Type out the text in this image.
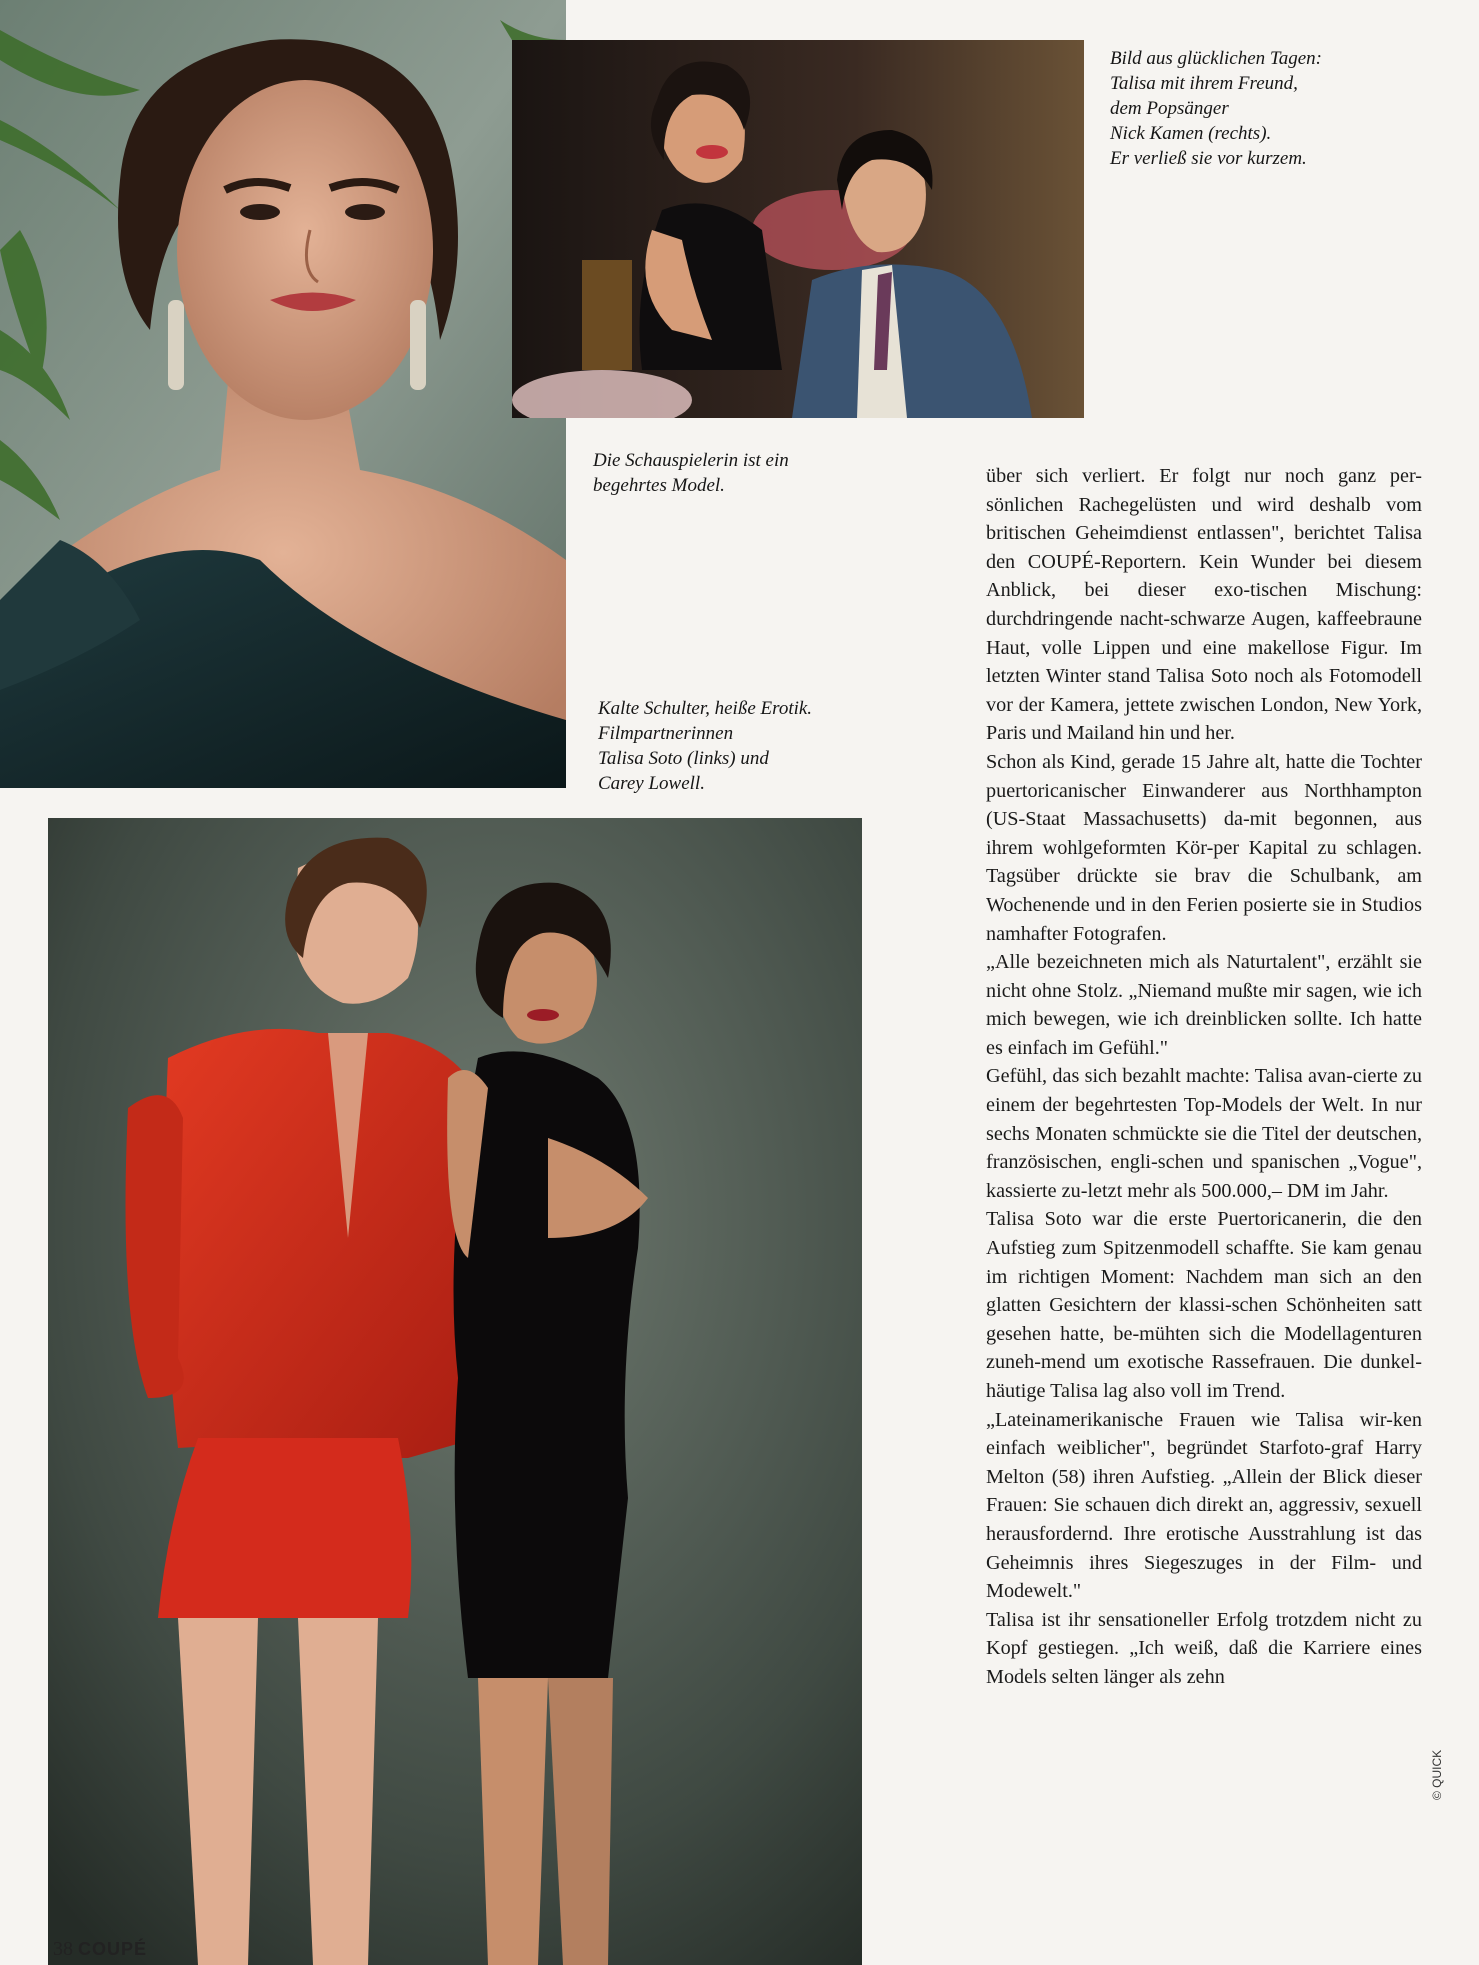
Bild aus glücklichen Tagen:
Talisa mit ihrem Freund,
dem Popsänger
Nick Kamen (rechts).
Er verließ sie vor kurzem.
Die Schauspielerin ist ein
begehrtes Model.
Kalte Schulter, heiße Erotik.
Filmpartnerinnen
Talisa Soto (links) und
Carey Lowell.

über sich verliert. Er folgt nur noch ganz per-sönlichen Rachegelüsten und wird deshalb vom britischen Geheimdienst entlassen", berichtet Talisa den COUPÉ-Reportern. Kein Wunder bei diesem Anblick, bei dieser exo-tischen Mischung: durchdringende nacht-schwarze Augen, kaffeebraune Haut, volle Lippen und eine makellose Figur. Im letzten Winter stand Talisa Soto noch als Fotomodell vor der Kamera, jettete zwischen London, New York, Paris und Mailand hin und her.

Schon als Kind, gerade 15 Jahre alt, hatte die Tochter puertoricanischer Einwanderer aus Northhampton (US-Staat Massachusetts) da-mit begonnen, aus ihrem wohlgeformten Kör-per Kapital zu schlagen. Tagsüber drückte sie brav die Schulbank, am Wochenende und in den Ferien posierte sie in Studios namhafter Fotografen.

„Alle bezeichneten mich als Naturtalent", erzählt sie nicht ohne Stolz. „Niemand mußte mir sagen, wie ich mich bewegen, wie ich dreinblicken sollte. Ich hatte es einfach im Gefühl."

Gefühl, das sich bezahlt machte: Talisa avan-cierte zu einem der begehrtesten Top-Models der Welt. In nur sechs Monaten schmückte sie die Titel der deutschen, französischen, engli-schen und spanischen „Vogue", kassierte zu-letzt mehr als 500.000,– DM im Jahr.

Talisa Soto war die erste Puertoricanerin, die den Aufstieg zum Spitzenmodell schaffte. Sie kam genau im richtigen Moment: Nachdem man sich an den glatten Gesichtern der klassi-schen Schönheiten satt gesehen hatte, be-mühten sich die Modellagenturen zuneh-mend um exotische Rassefrauen. Die dunkel-häutige Talisa lag also voll im Trend.

„Lateinamerikanische Frauen wie Talisa wir-ken einfach weiblicher", begründet Starfoto-graf Harry Melton (58) ihren Aufstieg. „Allein der Blick dieser Frauen: Sie schauen dich direkt an, aggressiv, sexuell herausfordernd. Ihre erotische Ausstrahlung ist das Geheimnis ihres Siegeszuges in der Film- und Modewelt."

Talisa ist ihr sensationeller Erfolg trotzdem nicht zu Kopf gestiegen. „Ich weiß, daß die Karriere eines Models selten länger als zehn

38 COUPÉ
© QUICK
